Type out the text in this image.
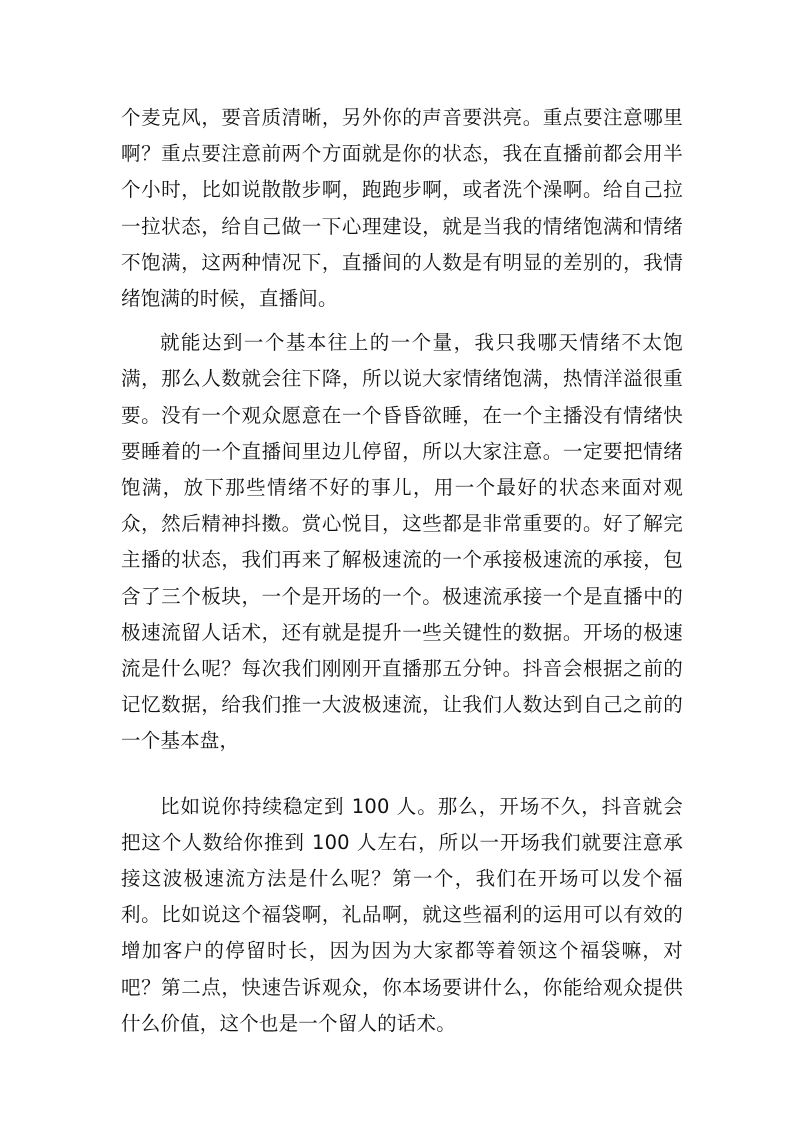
个麦克风，要音质清晰，另外你的声音要洪亮。重点要注意哪里啊？重点要注意前两个方面就是你的状态，我在直播前都会用半个小时，比如说散散步啊，跑跑步啊，或者洗个澡啊。给自己拉一拉状态，给自己做一下心理建设，就是当我的情绪饱满和情绪不饱满，这两种情况下，直播间的人数是有明显的差别的，我情绪饱满的时候，直播间。

就能达到一个基本往上的一个量，我只我哪天情绪不太饱满，那么人数就会往下降，所以说大家情绪饱满，热情洋溢很重要。没有一个观众愿意在一个昏昏欲睡，在一个主播没有情绪快要睡着的一个直播间里边儿停留，所以大家注意。一定要把情绪饱满，放下那些情绪不好的事儿，用一个最好的状态来面对观众，然后精神抖擞。赏心悦目，这些都是非常重要的。好了解完主播的状态，我们再来了解极速流的一个承接极速流的承接，包含了三个板块，一个是开场的一个。极速流承接一个是直播中的极速流留人话术，还有就是提升一些关键性的数据。开场的极速流是什么呢？每次我们刚刚开直播那五分钟。抖音会根据之前的记忆数据，给我们推一大波极速流，让我们人数达到自己之前的一个基本盘，

比如说你持续稳定到 100 人。那么，开场不久，抖音就会把这个人数给你推到 100 人左右，所以一开场我们就要注意承接这波极速流方法是什么呢？第一个，我们在开场可以发个福利。比如说这个福袋啊，礼品啊，就这些福利的运用可以有效的增加客户的停留时长，因为因为大家都等着领这个福袋嘛，对吧？第二点，快速告诉观众，你本场要讲什么，你能给观众提供什么价值，这个也是一个留人的话术。
